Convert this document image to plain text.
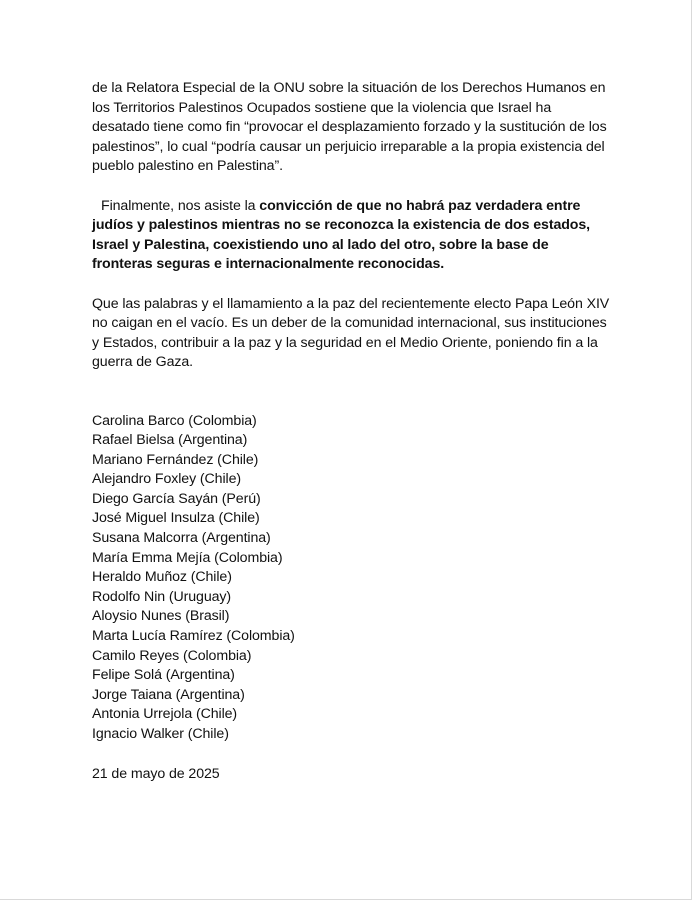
de la Relatora Especial de la ONU sobre la situación de los Derechos Humanos en los Territorios Palestinos Ocupados sostiene que la violencia que Israel ha desatado tiene como fin “provocar el desplazamiento forzado y la sustitución de los palestinos”, lo cual “podría causar un perjuicio irreparable a la propia existencia del pueblo palestino en Palestina”.

Finalmente, nos asiste la convicción de que no habrá paz verdadera entre judíos y palestinos mientras no se reconozca la existencia de dos estados, Israel y Palestina, coexistiendo uno al lado del otro, sobre la base de fronteras seguras e internacionalmente reconocidas.

Que las palabras y el llamamiento a la paz del recientemente electo Papa León XIV no caigan en el vacío. Es un deber de la comunidad internacional, sus instituciones y Estados, contribuir a la paz y la seguridad en el Medio Oriente, poniendo fin a la guerra de Gaza.

Carolina Barco (Colombia)
Rafael Bielsa (Argentina)
Mariano Fernández (Chile)
Alejandro Foxley (Chile)
Diego García Sayán (Perú)
José Miguel Insulza (Chile)
Susana Malcorra (Argentina)
María Emma Mejía (Colombia)
Heraldo Muñoz (Chile)
Rodolfo Nin (Uruguay)
Aloysio Nunes (Brasil)
Marta Lucía Ramírez (Colombia)
Camilo Reyes (Colombia)
Felipe Solá (Argentina)
Jorge Taiana (Argentina)
Antonia Urrejola (Chile)
Ignacio Walker (Chile)

21 de mayo de 2025
